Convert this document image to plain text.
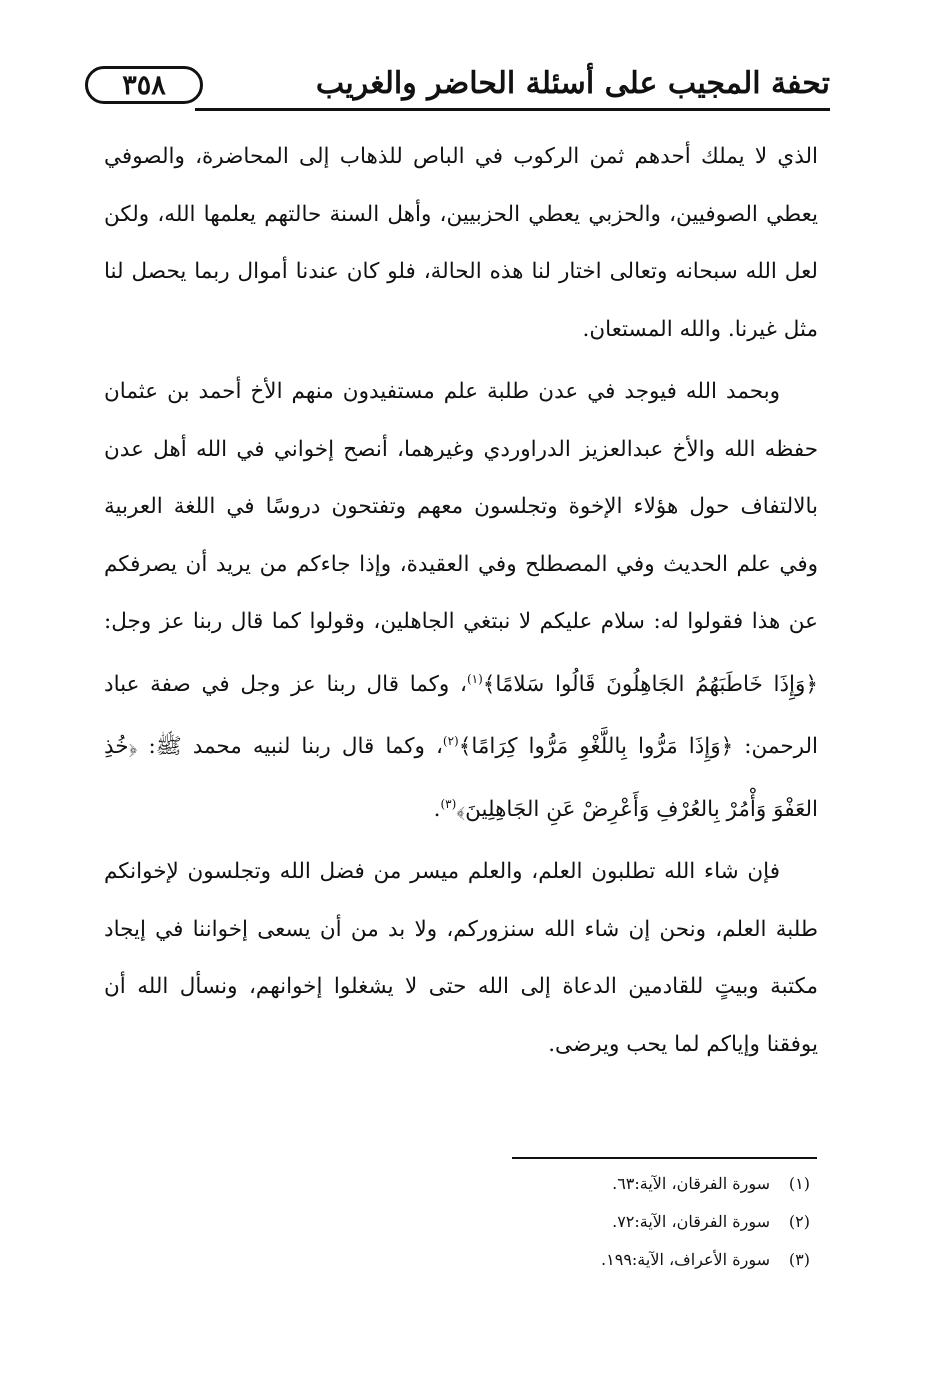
٣٥٨	تحفة المجيب على أسئلة الحاضر والغريب

الذي لا يملك أحدهم ثمن الركوب في الباص للذهاب إلى المحاضرة، والصوفي يعطي الصوفيين، والحزبي يعطي الحزبيين، وأهل السنة حالتهم يعلمها الله، ولكن لعل الله سبحانه وتعالى اختار لنا هذه الحالة، فلو كان عندنا أموال ربما يحصل لنا مثل غيرنا. والله المستعان.

وبحمد الله فيوجد في عدن طلبة علم مستفيدون منهم الأخ أحمد بن عثمان حفظه الله والأخ عبدالعزيز الدراوردي وغيرهما، أنصح إخواني في الله أهل عدن بالالتفاف حول هؤلاء الإخوة وتجلسون معهم وتفتحون دروسًا في اللغة العربية وفي علم الحديث وفي المصطلح وفي العقيدة، وإذا جاءكم من يريد أن يصرفكم عن هذا فقولوا له: سلام عليكم لا نبتغي الجاهلين، وقولوا كما قال ربنا عز وجل: ﴿وَإِذَا خَاطَبَهُمُ الجَاهِلُونَ قَالُوا سَلامًا﴾$^{(١)}$، وكما قال ربنا عز وجل في صفة عباد الرحمن: ﴿وَإِذَا مَرُّوا بِاللَّغْوِ مَرُّوا كِرَامًا﴾$^{(٢)}$، وكما قال ربنا لنبيه محمد ﷺ: ﴿خُذِ العَفْوَ وَأْمُرْ بِالعُرْفِ وَأَعْرِضْ عَنِ الجَاهِلِينَ﴾$^{(٣)}$.

فإن شاء الله تطلبون العلم، والعلم ميسر من فضل الله وتجلسون لإخوانكم طلبة العلم، ونحن إن شاء الله سنزوركم، ولا بد من أن يسعى إخواننا في إيجاد مكتبة وبيتٍ للقادمين الدعاة إلى الله حتى لا يشغلوا إخوانهم، ونسأل الله أن يوفقنا وإياكم لما يحب ويرضى.

(١)سورة الفرقان، الآية:٦٣.
(٢)سورة الفرقان، الآية:٧٢.
(٣)سورة الأعراف، الآية:١٩٩.
